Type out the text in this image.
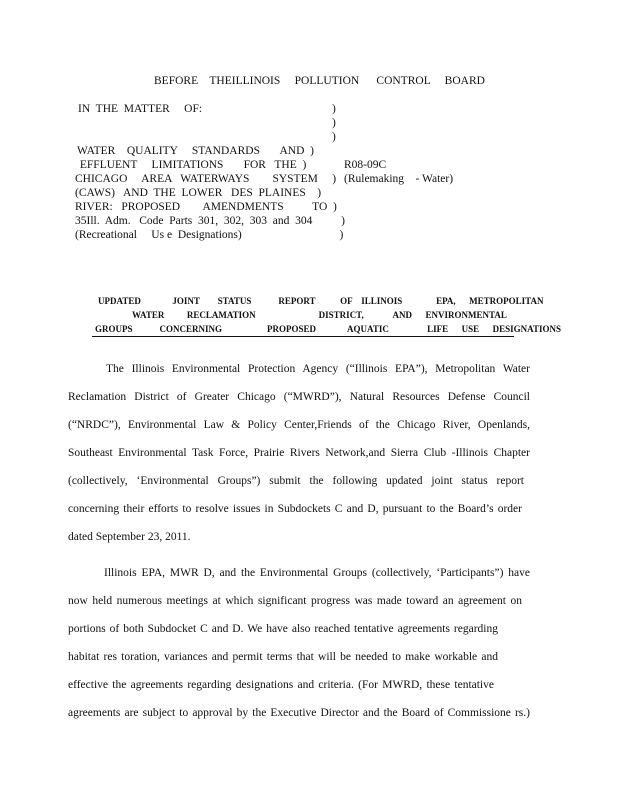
BEFORE    THEILLINOIS     POLLUTION      CONTROL     BOARD
IN  THE  MATTER     OF:	)
)
)
WATER    QUALITY     STANDARDS       AND  )
EFFLUENT     LIMITATIONS       FOR   THE  )
CHICAGO     AREA   WATERWAYS        SYSTEM     )
(CAWS)   AND  THE  LOWER   DES  PLAINES    )
RIVER:   PROPOSED        AMENDMENTS          TO  )
35Ill.  Adm.   Code  Parts  301,  302,  303  and  304          )
(Recreational     Us e  Designations)                                  )
R08-09C
(Rulemaking    - Water)
UPDATED              JOINT        STATUS            REPORT           OF    ILLINOIS               EPA,      METROPOLITAN
WATER          RECLAMATION                            DISTRICT,             AND      ENVIRONMENTAL
GROUPS            CONCERNING                    PROPOSED              AQUATIC                 LIFE      USE      DESIGNATIONS
The Illinois Environmental Protection Agency (“Illinois EPA”), Metropolitan Water
Reclamation District of Greater Chicago (“MWRD”), Natural Resources Defense Council
(“NRDC”), Environmental Law & Policy Center,Friends of the Chicago River, Openlands,
Southeast Environmental Task Force, Prairie Rivers Network,and Sierra Club -Illinois Chapter
(collectively, ‘Environmental Groups”) submit the following updated joint status report
concerning their efforts to resolve issues in Subdockets C and D, pursuant to the Board’s order
dated September 23, 2011.
Illinois EPA, MWR D, and the Environmental Groups (collectively, ‘Participants”) have
now held numerous meetings at which significant progress was made toward an agreement on
portions of both Subdocket C and D. We have also reached tentative agreements regarding
habitat res toration, variances and permit terms that will be needed to make workable and
effective the agreements regarding designations and criteria. (For MWRD, these tentative
agreements are subject to approval by the Executive Director and the Board of Commissione rs.)
